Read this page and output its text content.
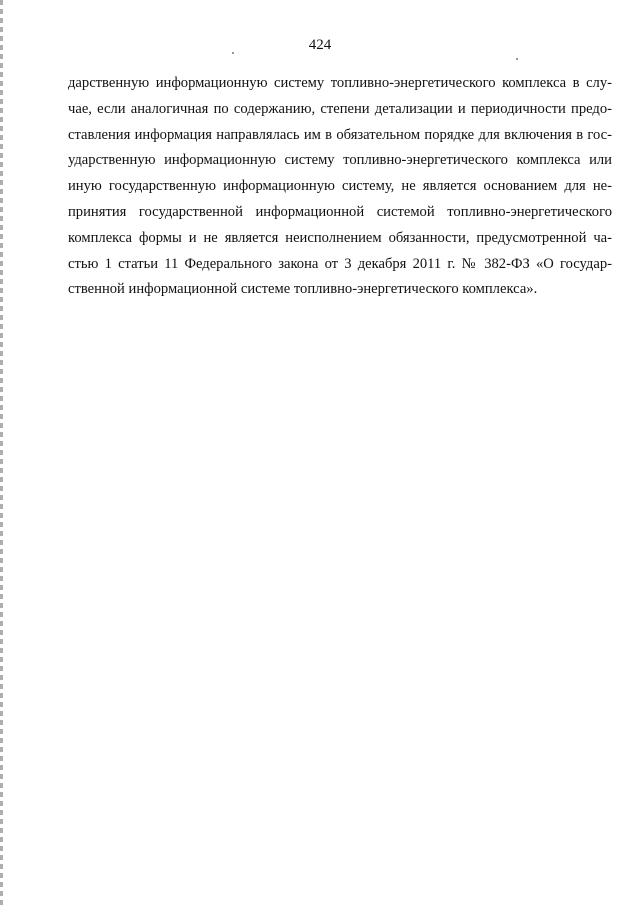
424
дарственную информационную систему топливно-энергетического комплекса в слу-
чае, если аналогичная по содержанию, степени детализации и периодичности предо-
ставления информация направлялась им в обязательном порядке для включения в гос-
ударственную информационную систему топливно-энергетического комплекса или
иную государственную информационную систему, не является основанием для не-
принятия государственной информационной системой топливно-энергетического
комплекса формы и не является неисполнением обязанности, предусмотренной ча-
стью 1 статьи 11 Федерального закона от 3 декабря 2011 г. № 382-ФЗ «О государ-
ственной информационной системе топливно-энергетического комплекса».
